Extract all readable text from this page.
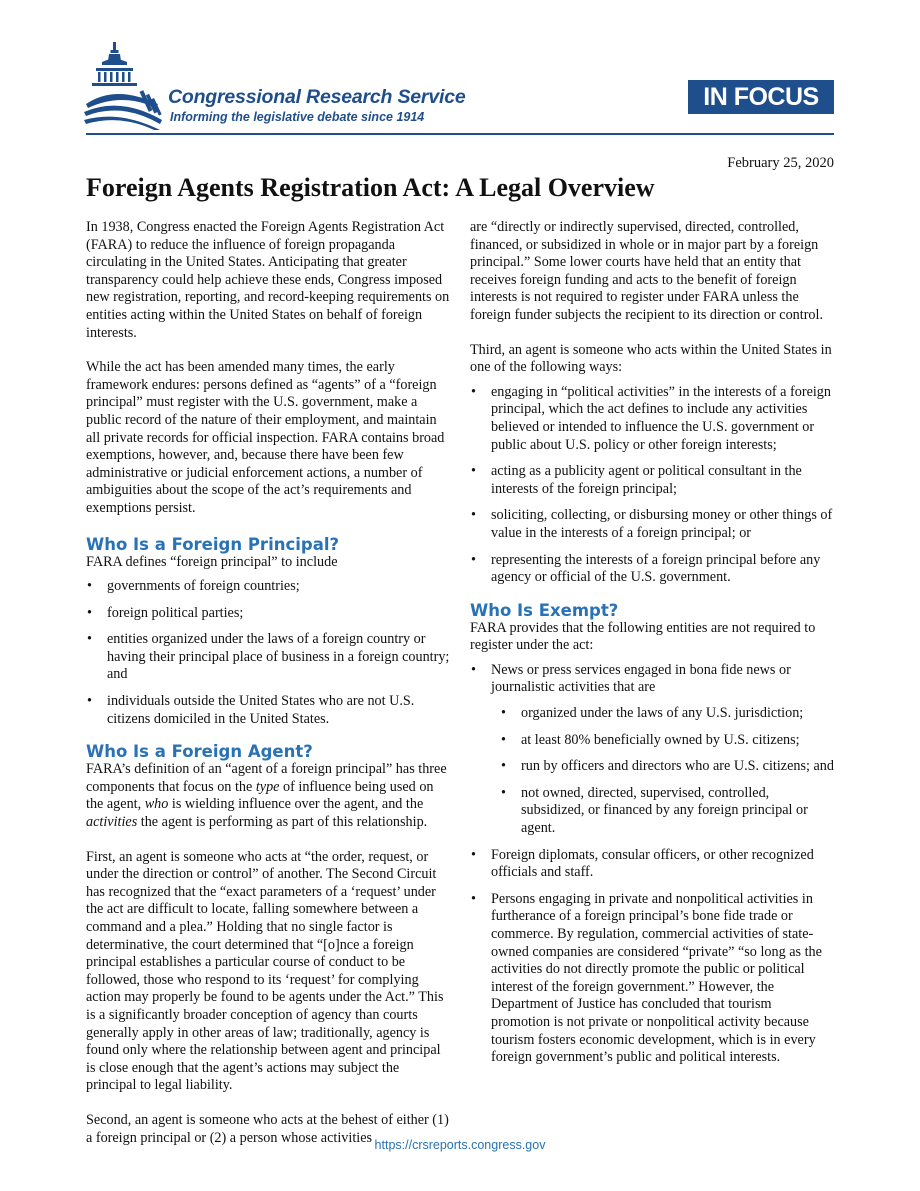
Congressional Research Service
Informing the legislative debate since 1914
IN FOCUS
February 25, 2020
Foreign Agents Registration Act: A Legal Overview

In 1938, Congress enacted the Foreign Agents Registration Act (FARA) to reduce the influence of foreign propaganda circulating in the United States. Anticipating that greater transparency could help achieve these ends, Congress imposed new registration, reporting, and record-keeping requirements on entities acting within the United States on behalf of foreign interests.

While the act has been amended many times, the early framework endures: persons defined as “agents” of a “foreign principal” must register with the U.S. government, make a public record of the nature of their employment, and maintain all private records for official inspection. FARA contains broad exemptions, however, and, because there have been few administrative or judicial enforcement actions, a number of ambiguities about the scope of the act’s requirements and exemptions persist.

Who Is a Foreign Principal?

FARA defines “foreign principal” to include

• governments of foreign countries;
• foreign political parties;
• entities organized under the laws of a foreign country or having their principal place of business in a foreign country; and
• individuals outside the United States who are not U.S. citizens domiciled in the United States.
Who Is a Foreign Agent?

FARA’s definition of an “agent of a foreign principal” has three components that focus on the type of influence being used on the agent, who is wielding influence over the agent, and the activities the agent is performing as part of this relationship.

First, an agent is someone who acts at “the order, request, or under the direction or control” of another. The Second Circuit has recognized that the “exact parameters of a ‘request’ under the act are difficult to locate, falling somewhere between a command and a plea.” Holding that no single factor is determinative, the court determined that “[o]nce a foreign principal establishes a particular course of conduct to be followed, those who respond to its ‘request’ for complying action may properly be found to be agents under the Act.” This is a significantly broader conception of agency than courts generally apply in other areas of law; traditionally, agency is found only where the relationship between agent and principal is close enough that the agent’s actions may subject the principal to legal liability.

Second, an agent is someone who acts at the behest of either (1) a foreign principal or (2) a person whose activities

are “directly or indirectly supervised, directed, controlled, financed, or subsidized in whole or in major part by a foreign principal.” Some lower courts have held that an entity that receives foreign funding and acts to the benefit of foreign interests is not required to register under FARA unless the foreign funder subjects the recipient to its direction or control.

Third, an agent is someone who acts within the United States in one of the following ways:

• engaging in “political activities” in the interests of a foreign principal, which the act defines to include any activities believed or intended to influence the U.S. government or public about U.S. policy or other foreign interests;
• acting as a publicity agent or political consultant in the interests of the foreign principal;
• soliciting, collecting, or disbursing money or other things of value in the interests of a foreign principal; or
• representing the interests of a foreign principal before any agency or official of the U.S. government.
Who Is Exempt?

FARA provides that the following entities are not required to register under the act:

• News or press services engaged in bona fide news or journalistic activities that are
• organized under the laws of any U.S. jurisdiction;
• at least 80% beneficially owned by U.S. citizens;
• run by officers and directors who are U.S. citizens; and
• not owned, directed, supervised, controlled, subsidized, or financed by any foreign principal or agent.
• Foreign diplomats, consular officers, or other recognized officials and staff.
• Persons engaging in private and nonpolitical activities in furtherance of a foreign principal’s bone fide trade or commerce. By regulation, commercial activities of state-owned companies are considered “private” “so long as the activities do not directly promote the public or political interest of the foreign government.” However, the Department of Justice has concluded that tourism promotion is not private or nonpolitical activity because tourism fosters economic development, which is in every foreign government’s public and political interests.
https://crsreports.congress.gov
